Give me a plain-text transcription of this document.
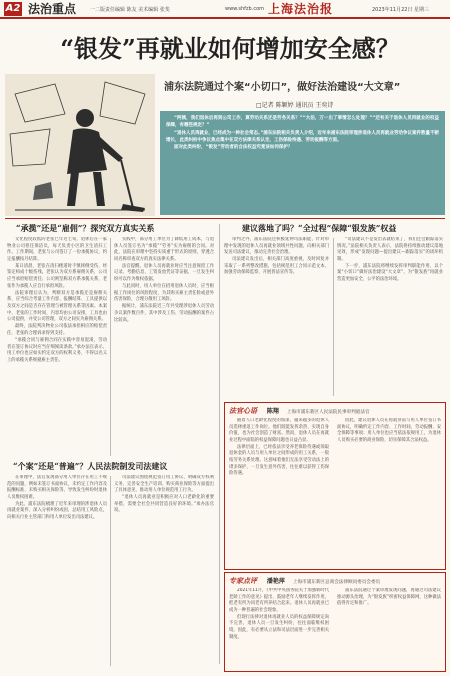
A2 法治重点	一二版责任编辑 陈友 美术编辑 张斐	上海法治报
www.shfzb.com	2023年11月22日 星期三
“银发”再就业如何增加安全感？
浦东法院通过个案“小切口”，做好法治建设“大文章”
□记者 陈颖婷 通讯员 王奕诗

“阿姨，我们退休后再到公司工作，算劳动关系还是劳务关系？”“大伯，万一出了事情怎么处理？”“还有关于退休人员再就业的权益保障，有哪些规定？”

“退休人员再就业，已经成为一种社会常态。”浦东法院相关负责人介绍，近年来浦东法院审理涉退休人员再就业劳动争议案件数量不断增长，此类纠纷中争议焦点集中在双方法律关系认定、工伤保险待遇、劳动报酬等方面。

面对此类纠纷，“银发”劳动者的合法权益究竟该如何保护？

“承揽”还是“雇佣”？探究双方真实关系

文化程度较低的老张已年近七旬，退休后在一家物业公司担任保洁员，每天负责小区的卫生清扫工作。工作期间，老张与公司签订了一份承揽协议，约定报酬按月结算。

某日清晨，老张在清扫楼道时不慎摔倒受伤，经鉴定构成十级伤残。老张认为双方系雇佣关系，公司应当承担赔偿责任；公司则坚称双方系承揽关系，老张作为承揽人应自行承担风险。

法院审理后认为，判断双方是承揽还是雇佣关系，应当综合考量工作内容、报酬结算、工具提供以及双方之间是否存在管理与被管理关系等因素。本案中，老张的工作时间、内容均由公司安排，工具也由公司提供，并受公司管理，双方之间实为雇佣关系。

最终，法院判决物业公司依法承担相应的赔偿责任，老张的合理诉求得到支持。

“承揽合同与雇佣合同在实践中容易混淆，劳动者在签订协议时应当仔细阅读条款。”承办法官表示，用工单位也应如实约定双方的权利义务，不得以名义上的承揽关系规避雇主责任。

实践中，部分用工单位为了降低用工成本，与退休人员签订名为“承揽”“劳务”实为雇佣的合同。对此，法院在审理中坚持实质重于形式的原则，穿透合同名称审查双方的真实法律关系。

法官提醒，退休人员再就业时应当注意保留工作记录、考勤信息、工资发放凭证等证据，一旦发生纠纷可以作为维权依据。

与此同时，用人单位在招用退休人员时，应当根据工作岗位的风险程度，为其购买雇主责任险或意外伤害保险，合理分散用工风险。

据统计，浦东法院近三年共受理涉退休人员劳动争议案件数百件，其中涉及工伤、劳动报酬的案件占比较高。

建议落地了吗？“全过程”保障“银发族”权益

审判之外，浦东法院还积极延伸司法职能，针对审理中发现的退休人员再就业领域共性问题，向相关部门发送司法建议，推动完善社会治理。

司法建议发出后，相关部门高度重视，及时回复并采取了一系列整改措施，包括规范用工合同示范文本、加强劳动保障监察、开展普法宣传等。

“司法建议不是发出去就结束了，我们还会跟踪落实情况。”法院相关负责人表示，法院将持续推动建议落地见效，形成“发现问题—提出建议—跟踪落实”的闭环机制。

下一步，浦东法院将继续发挥审判职能作用，以个案“小切口”做好法治建设“大文章”，为“银发族”再就业营造更加安全、公平的法治环境。

“个案”还是“普遍”？人民法院制发司法建议

在审理中，法官发现部分用人单位存在用工不规范的问题，例如未签订书面协议、未约定工作内容及报酬标准、未购买相关保险等，导致发生纠纷时退休人员维权困难。

为此，浦东法院梳理了近年来审理的涉退休人员再就业案件，深入分析纠纷成因，总结用工风险点，向相关行业主管部门和用人单位发出司法建议。

司法建议围绕规范签订用工协议、明确双方权利义务、完善安全生产培训、购买商业保险等方面提出了具体意见，推动用人单位规范用工行为。

“退休人员再就业是积极应对人口老龄化的重要举措，需要全社会共同营造良好的环境。”承办法官说。

法官心语 陈翔 上海市浦东新区人民法院民事审判庭法官

随着人口老龄化程度的加深，越来越多的退休人员选择重返工作岗位。他们既能发挥余热、实现自身价值，也为社会创造了财富。然而，退休人员在再就业过程中面临的权益保障问题也日益凸显。

法律层面上，已经依法享受养老保险待遇或领取退休金的人员与用人单位之间形成的用工关系，一般按劳务关系处理。这意味着他们无法享受劳动法上的诸多保护，一旦发生意外伤害，往往难以获得工伤保险待遇。

因此，建议退休人员在再就业前与用人单位签订书面协议，明确约定工作内容、工作时间、劳动报酬、安全保障等事项；用人单位也应当依法依规用工，为退休人员购买必要的商业保险，切实保障其合法权益。

专家点评 潘艳萍 上海市浦东新区总商会法律顾问委员会委员

2021年11月，《中共中央国务院关于加强新时代老龄工作的意见》提出，鼓励老年人继续发挥作用，把老有所为同老有所养结合起来。退休人员再就业已成为一种普遍的社会现象。

但现行法律对退休再就业人员的权益保障规定尚不完善，退休人员一旦发生纠纷，往往面临维权困境。因此，有必要从立法和司法层面进一步完善相关制度。

浦东法院通过个案审理发现问题，再通过司法建议推动源头治理，为“银发族”织密权益保障网，这种做法值得肯定和推广。
